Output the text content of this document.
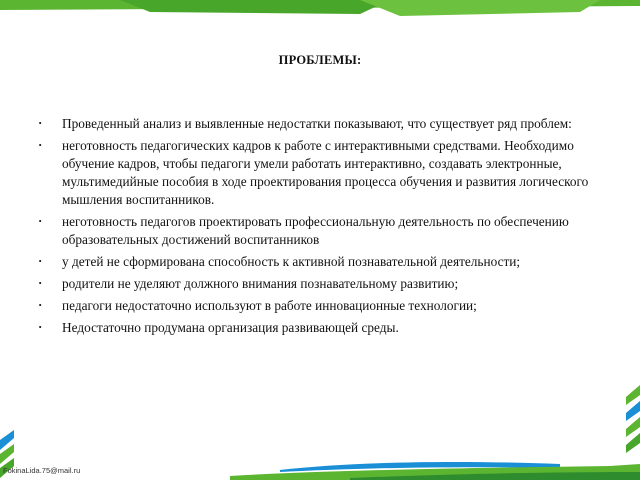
ПРОБЛЕМЫ:
· Проведенный анализ и выявленные недостатки показывают, что существует ряд проблем:
· неготовность педагогических кадров к работе с интерактивными средствами. Необходимо обучение кадров, чтобы педагоги умели работать интерактивно, создавать электронные, мультимедийные пособия в ходе проектирования процесса обучения и развития логического мышления воспитанников.
· неготовность педагогов проектировать профессиональную деятельность по обеспечению образовательных достижений воспитанников
· у детей не сформирована способность к активной познавательной деятельности;
· родители не уделяют должного внимания познавательному развитию;
· педагоги недостаточно используют в работе инновационные технологии;
· Недостаточно продумана организация развивающей среды.

FokinaLida.75@mail.ru
